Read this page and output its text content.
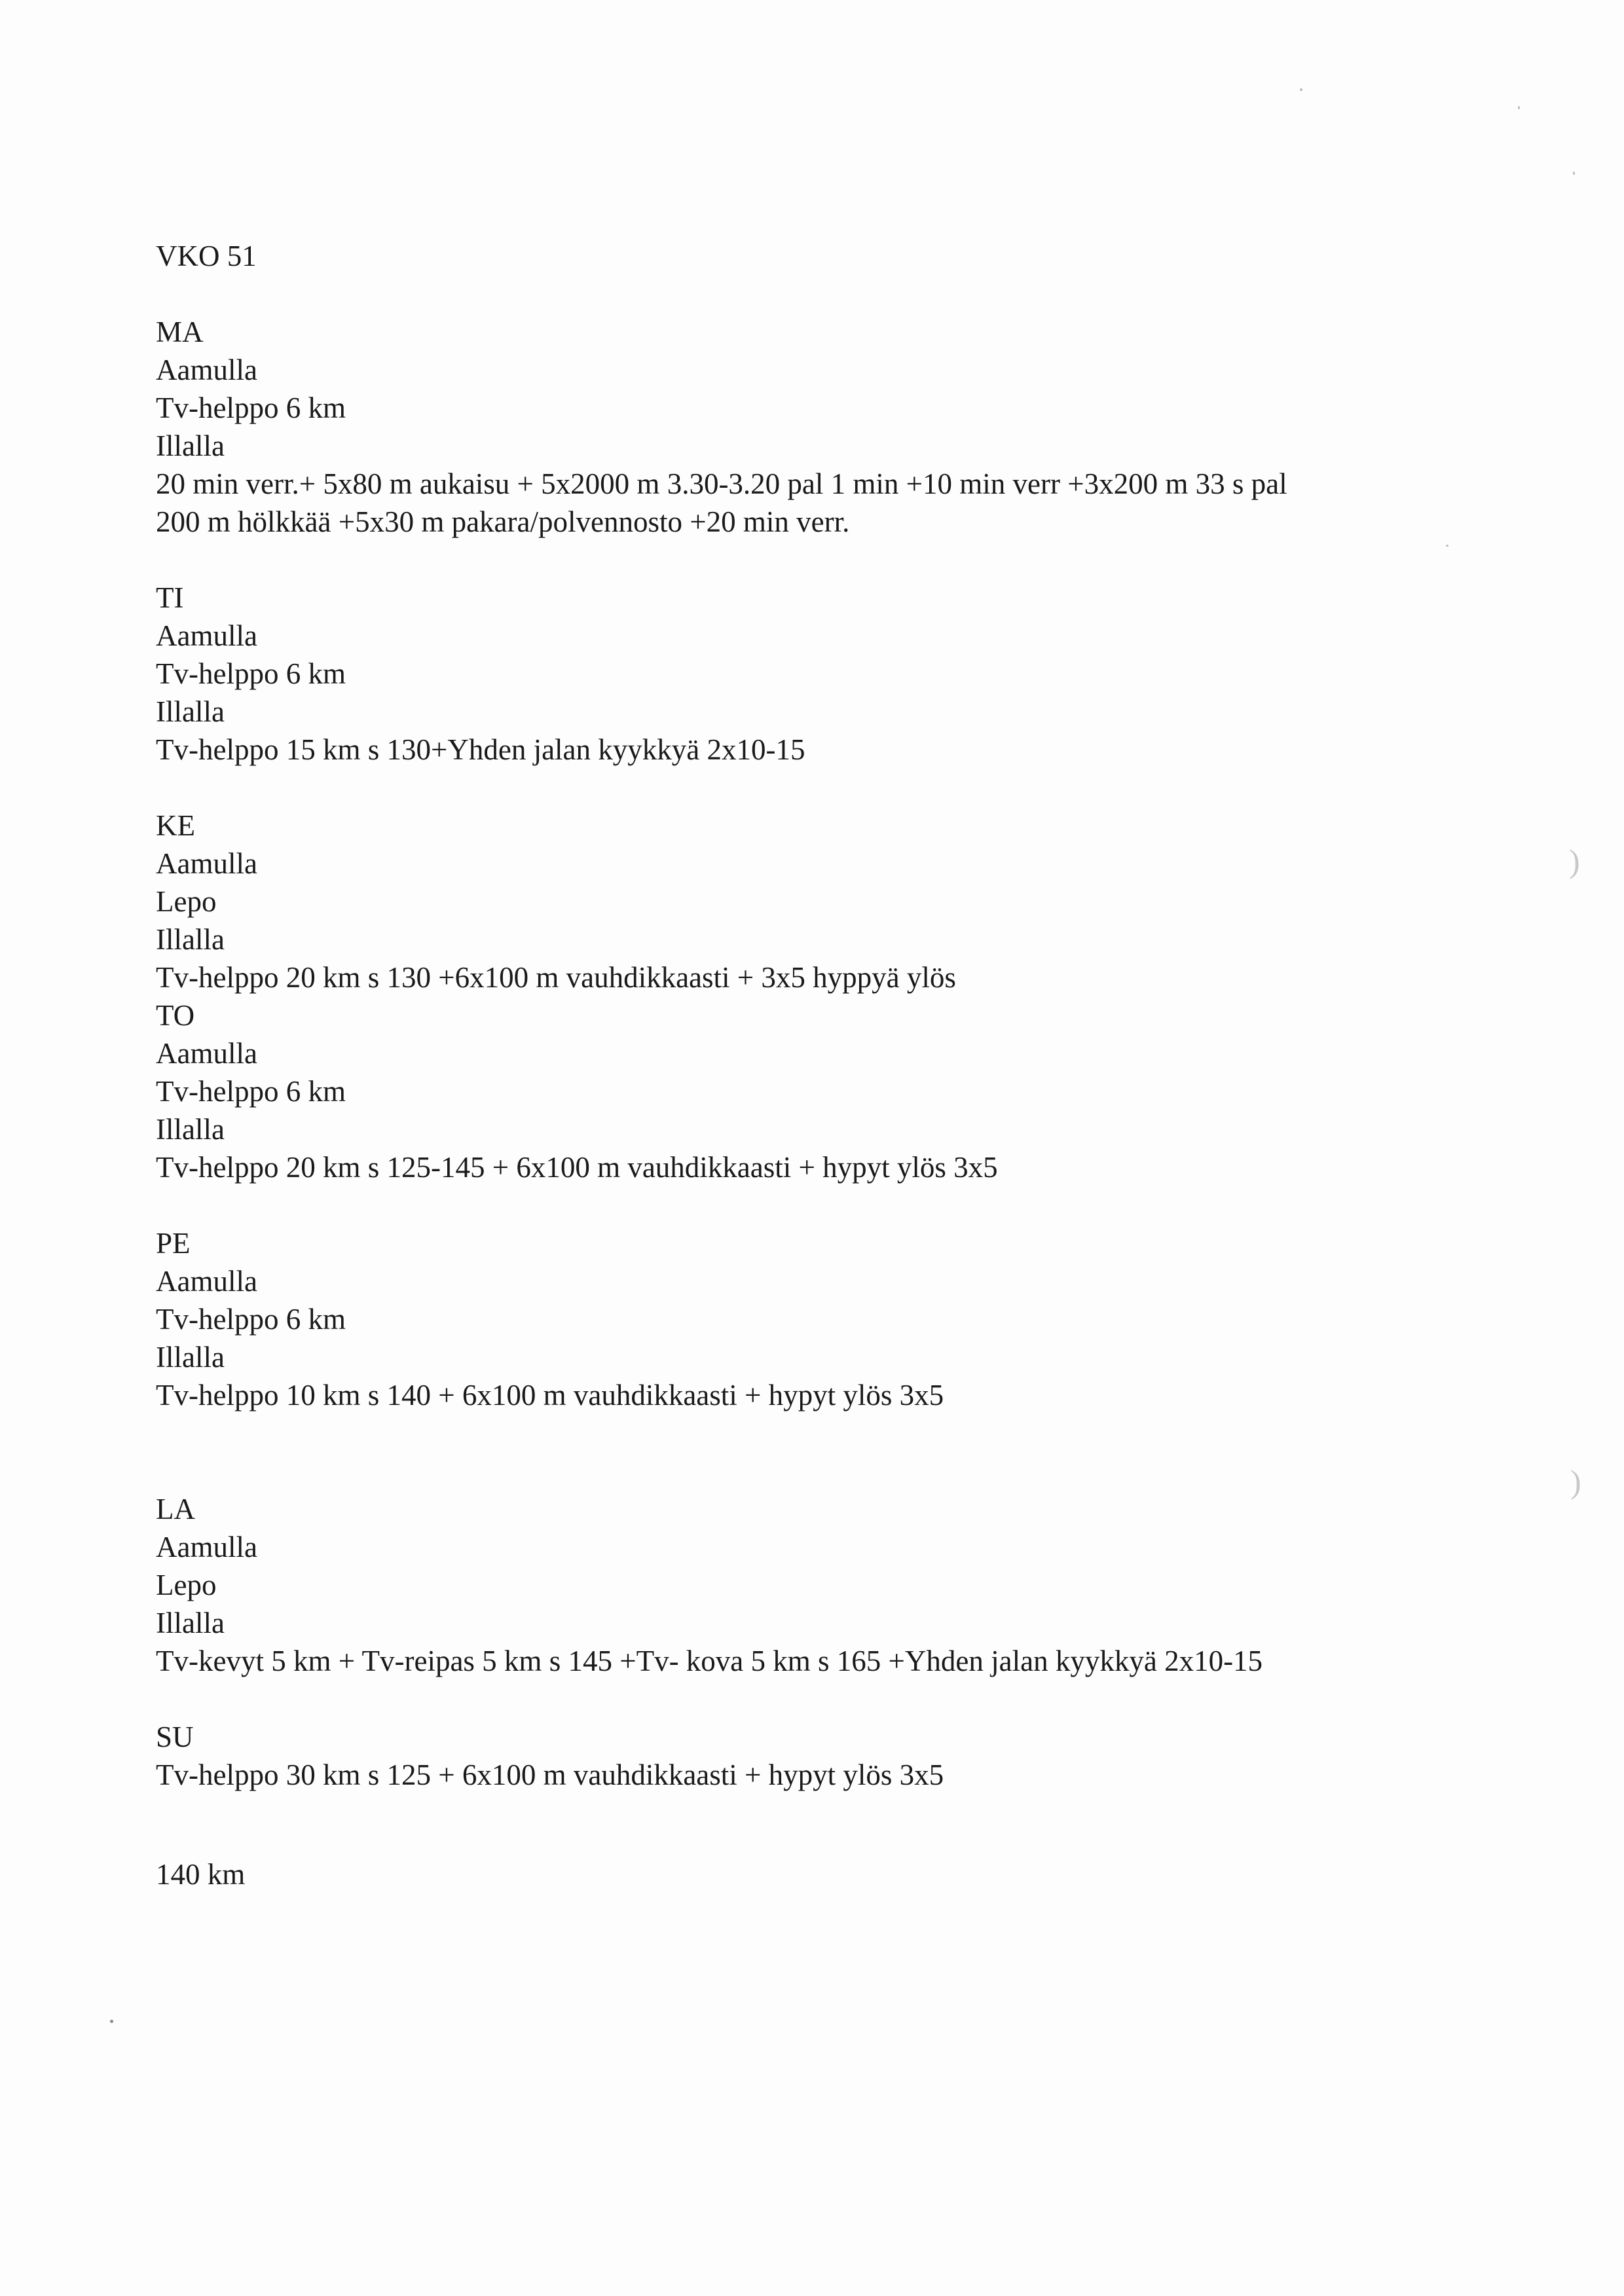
VKO 51
MA
Aamulla
Tv-helppo 6 km
Illalla
20 min verr.+ 5x80 m aukaisu + 5x2000 m 3.30-3.20 pal 1 min +10 min verr +3x200 m 33 s pal
200 m hölkkää +5x30 m pakara/polvennosto +20 min verr.
TI
Aamulla
Tv-helppo 6 km
Illalla
Tv-helppo 15 km s 130+Yhden jalan kyykkyä 2x10-15
KE
Aamulla
Lepo
Illalla
Tv-helppo 20 km s 130 +6x100 m vauhdikkaasti + 3x5 hyppyä ylös
TO
Aamulla
Tv-helppo 6 km
Illalla
Tv-helppo 20 km s 125-145 + 6x100 m vauhdikkaasti + hypyt ylös 3x5
PE
Aamulla
Tv-helppo 6 km
Illalla
Tv-helppo 10 km s 140 + 6x100 m vauhdikkaasti + hypyt ylös 3x5
LA
Aamulla
Lepo
Illalla
Tv-kevyt 5 km + Tv-reipas 5 km s 145 +Tv- kova 5 km s 165 +Yhden jalan kyykkyä 2x10-15
SU
Tv-helppo 30 km s 125 + 6x100 m vauhdikkaasti + hypyt ylös 3x5
140 km
)
)
